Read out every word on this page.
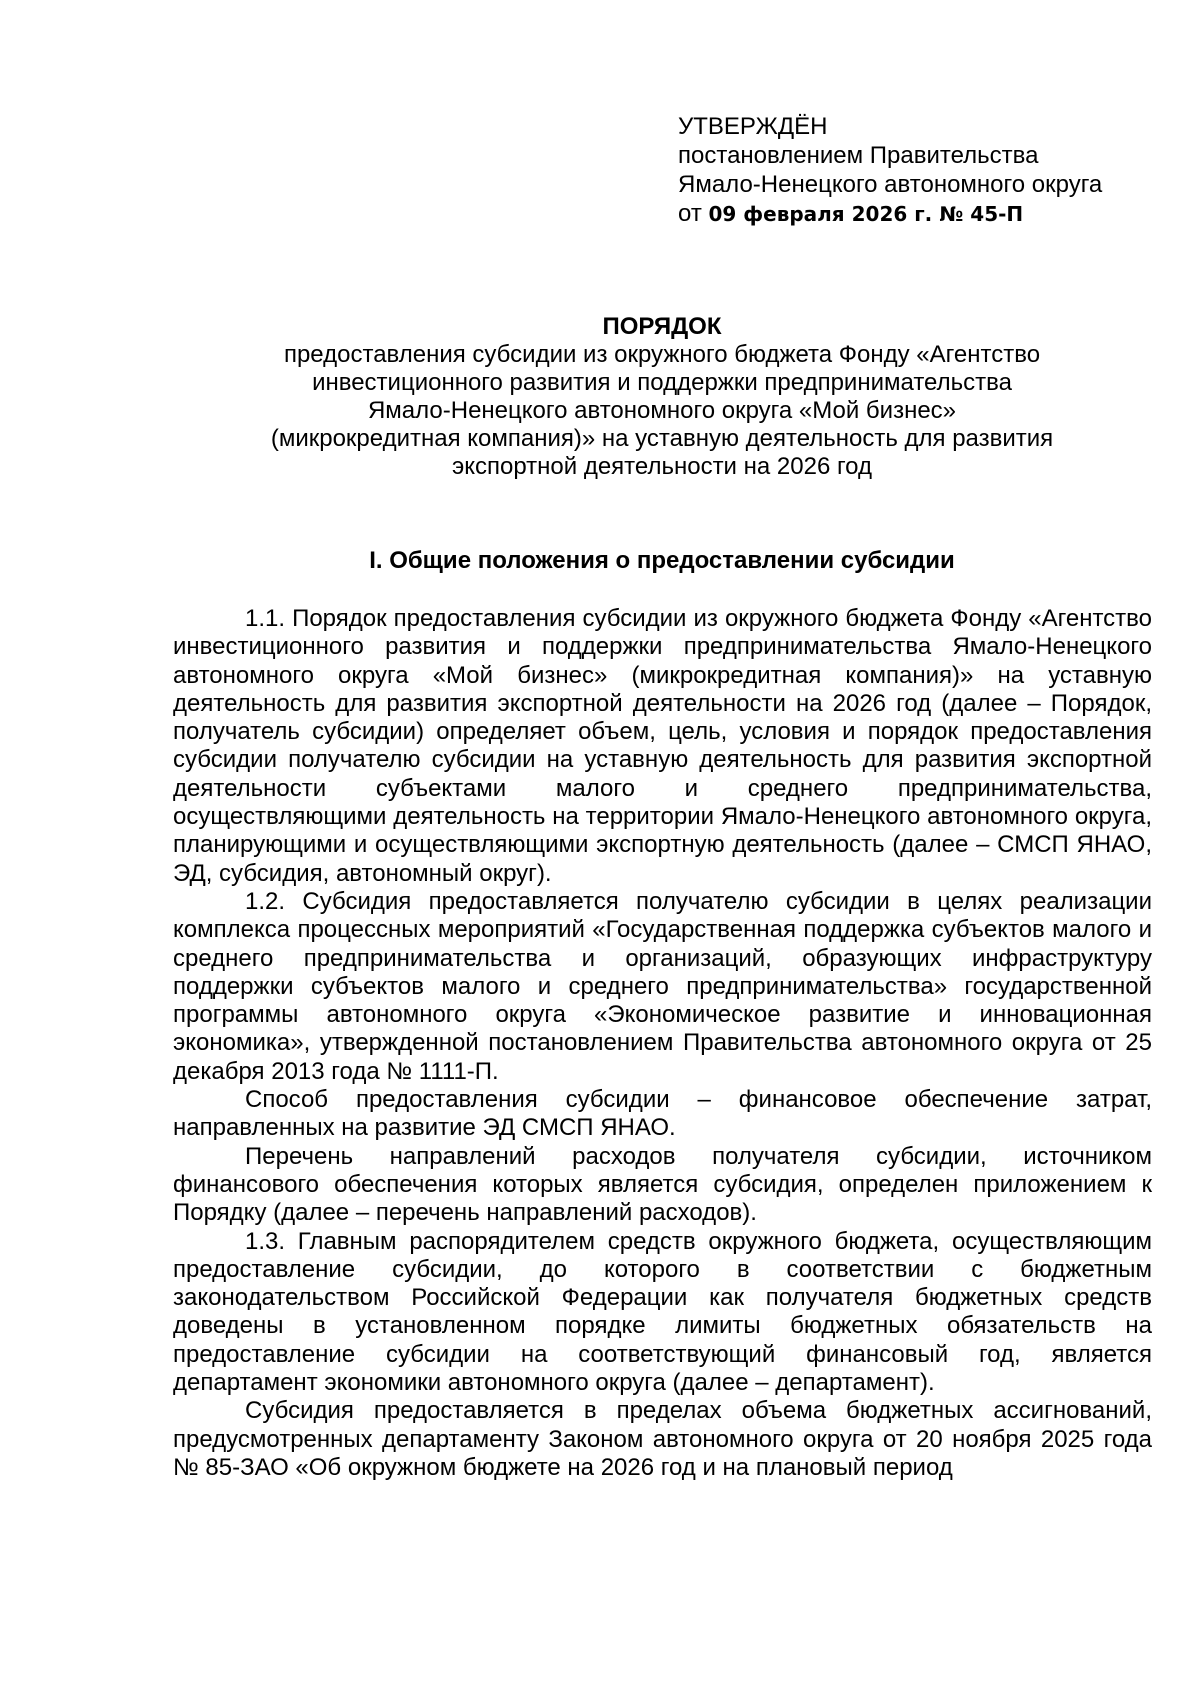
УТВЕРЖДЁН

постановлением Правительства

Ямало-Ненецкого автономного округа

от 09 февраля 2026 г. № 45-П

ПОРЯДОК

предоставления субсидии из окружного бюджета Фонду «Агентство

инвестиционного развития и поддержки предпринимательства

Ямало-Ненецкого автономного округа «Мой бизнес»

(микрокредитная компания)» на уставную деятельность для развития

экспортной деятельности на 2026 год

I. Общие положения о предоставлении субсидии

1.1. Порядок предоставления субсидии из окружного бюджета Фонду «Агентство инвестиционного развития и поддержки предпринимательства Ямало-Ненецкого автономного округа «Мой бизнес» (микрокредитная компания)» на уставную деятельность для развития экспортной деятельности на 2026 год (далее – Порядок, получатель субсидии) определяет объем, цель, условия и порядок предоставления субсидии получателю субсидии на уставную деятельность для развития экспортной деятельности субъектами малого и среднего предпринимательства, осуществляющими деятельность на территории Ямало-Ненецкого автономного округа, планирующими и осуществляющими экспортную деятельность (далее – СМСП ЯНАО, ЭД, субсидия, автономный округ).

1.2. Субсидия предоставляется получателю субсидии в целях реализации комплекса процессных мероприятий «Государственная поддержка субъектов малого и среднего предпринимательства и организаций, образующих инфраструктуру поддержки субъектов малого и среднего предпринимательства» государственной программы автономного округа «Экономическое развитие и инновационная экономика», утвержденной постановлением Правительства автономного округа от 25 декабря 2013 года № 1111-П.

Способ предоставления субсидии – финансовое обеспечение затрат, направленных на развитие ЭД СМСП ЯНАО.

Перечень направлений расходов получателя субсидии, источником финансового обеспечения которых является субсидия, определен приложением к Порядку (далее – перечень направлений расходов).

1.3. Главным распорядителем средств окружного бюджета, осуществляющим предоставление субсидии, до которого в соответствии с бюджетным законодательством Российской Федерации как получателя бюджетных средств доведены в установленном порядке лимиты бюджетных обязательств на предоставление субсидии на соответствующий финансовый год, является департамент экономики автономного округа (далее – департамент).

Субсидия предоставляется в пределах объема бюджетных ассигнований, предусмотренных департаменту Законом автономного округа от 20 ноября 2025 года № 85-ЗАО «Об окружном бюджете на 2026 год и на плановый период
